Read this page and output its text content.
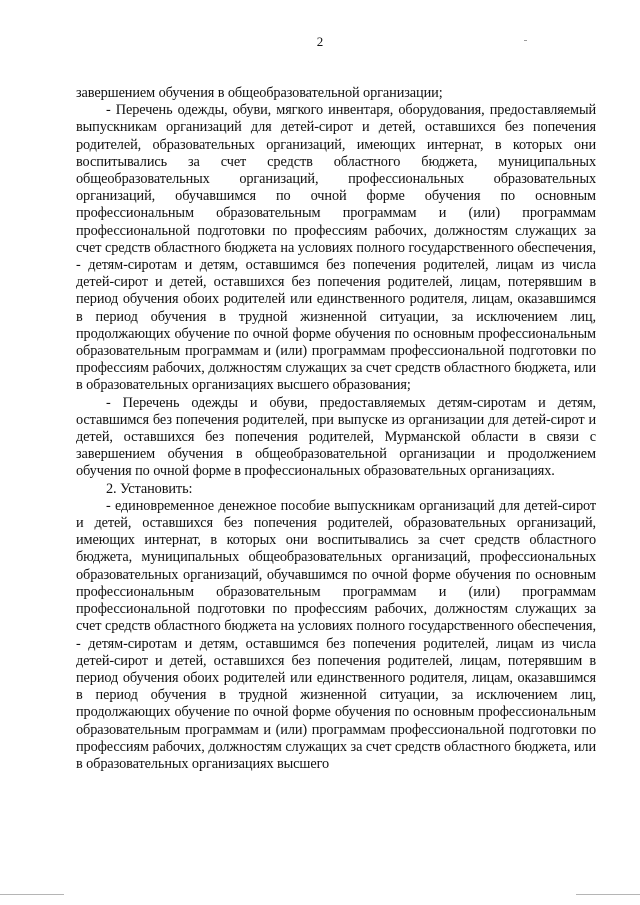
2

завершением обучения в общеобразовательной организации;

- Перечень одежды, обуви, мягкого инвентаря, оборудования, предоставляемый выпускникам организаций для детей-сирот и детей, оставшихся без попечения родителей, образовательных организаций, имеющих интернат, в которых они воспитывались за счет средств областного бюджета, муниципальных общеобразовательных организаций, профессиональных образовательных организаций, обучавшимся по очной форме обучения по основным профессиональным образовательным программам и (или) программам профессиональной подготовки по профессиям рабочих, должностям служащих за счет средств областного бюджета на условиях полного государственного обеспечения, - детям-сиротам и детям, оставшимся без попечения родителей, лицам из числа детей-сирот и детей, оставшихся без попечения родителей, лицам, потерявшим в период обучения обоих родителей или единственного родителя, лицам, оказавшимся в период обучения в трудной жизненной ситуации, за исключением лиц, продолжающих обучение по очной форме обучения по основным профессиональным образовательным программам и (или) программам профессиональной подготовки по профессиям рабочих, должностям служащих за счет средств областного бюджета, или в образовательных организациях высшего образования;

- Перечень одежды и обуви, предоставляемых детям-сиротам и детям, оставшимся без попечения родителей, при выпуске из организации для детей-сирот и детей, оставшихся без попечения родителей, Мурманской области в связи с завершением обучения в общеобразовательной организации и продолжением обучения по очной форме в профессиональных образовательных организациях.

2. Установить:

- единовременное денежное пособие выпускникам организаций для детей-сирот и детей, оставшихся без попечения родителей, образовательных организаций, имеющих интернат, в которых они воспитывались за счет средств областного бюджета, муниципальных общеобразовательных организаций, профессиональных образовательных организаций, обучавшимся по очной форме обучения по основным профессиональным образовательным программам и (или) программам профессиональной подготовки по профессиям рабочих, должностям служащих за счет средств областного бюджета на условиях полного государственного обеспечения, - детям-сиротам и детям, оставшимся без попечения родителей, лицам из числа детей-сирот и детей, оставшихся без попечения родителей, лицам, потерявшим в период обучения обоих родителей или единственного родителя, лицам, оказавшимся в период обучения в трудной жизненной ситуации, за исключением лиц, продолжающих обучение по очной форме обучения по основным профессиональным образовательным программам и (или) программам профессиональной подготовки по профессиям рабочих, должностям служащих за счет средств областного бюджета, или в образовательных организациях высшего
